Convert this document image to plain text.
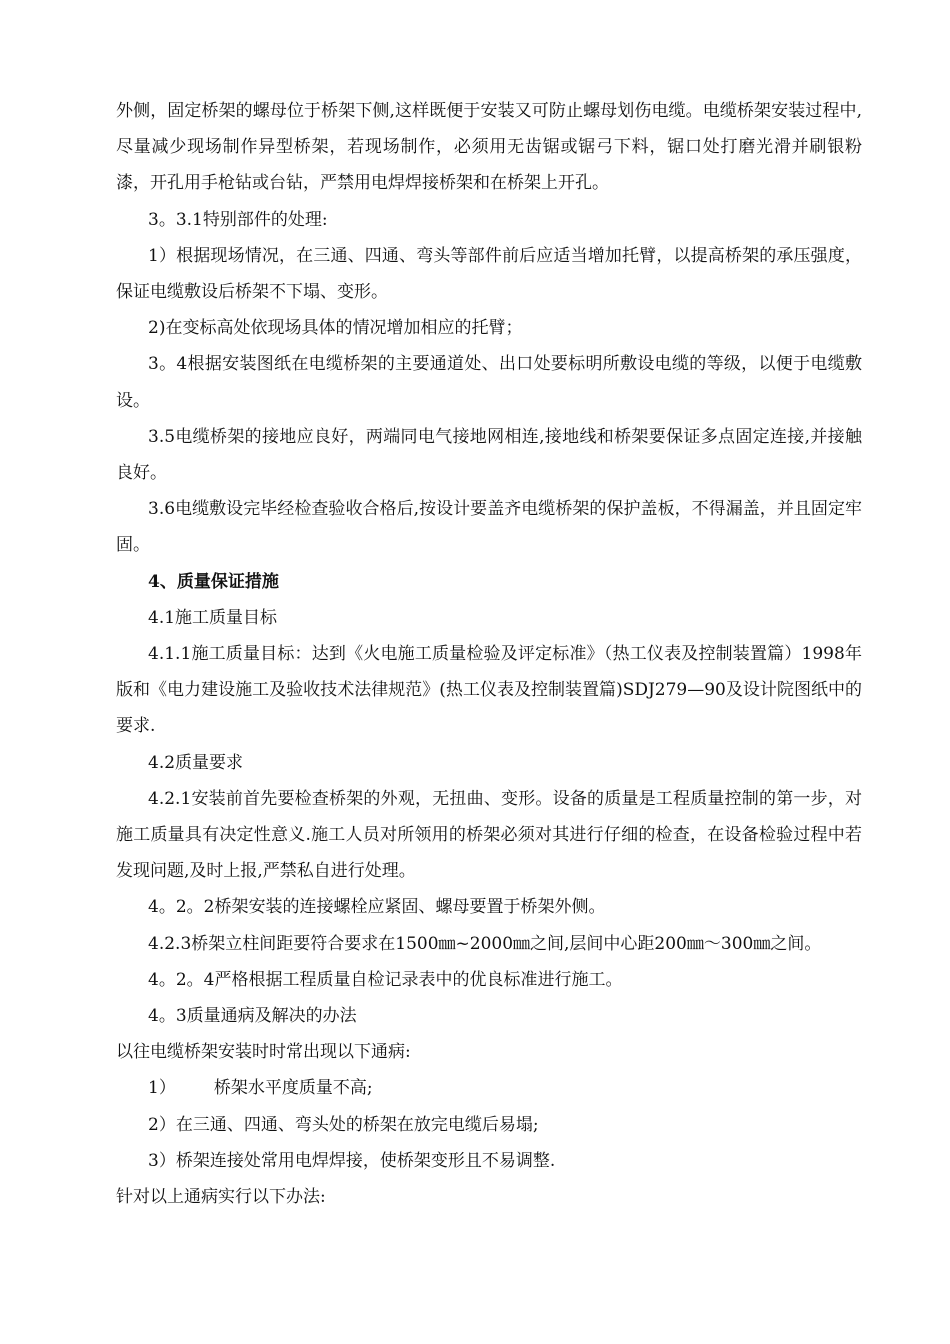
外侧，固定桥架的螺母位于桥架下侧,这样既便于安装又可防止螺母划伤电缆。电缆桥架安装过程中,尽量减少现场制作异型桥架，若现场制作，必须用无齿锯或锯弓下料，锯口处打磨光滑并刷银粉漆，开孔用手枪钻或台钻，严禁用电焊焊接桥架和在桥架上开孔。

3。3.1特别部件的处理:

1）根据现场情况，在三通、四通、弯头等部件前后应适当增加托臂，以提高桥架的承压强度，保证电缆敷设后桥架不下塌、变形。

2)在变标高处依现场具体的情况增加相应的托臂；

3。4根据安装图纸在电缆桥架的主要通道处、出口处要标明所敷设电缆的等级，以便于电缆敷设。

3.5电缆桥架的接地应良好，两端同电气接地网相连,接地线和桥架要保证多点固定连接,并接触良好。

3.6电缆敷设完毕经检查验收合格后,按设计要盖齐电缆桥架的保护盖板，不得漏盖，并且固定牢固。

4、质量保证措施

4.1施工质量目标

4.1.1施工质量目标：达到《火电施工质量检验及评定标准》（热工仪表及控制装置篇）1998年版和《电力建设施工及验收技术法律规范》(热工仪表及控制装置篇)SDJ279—90及设计院图纸中的要求.

4.2质量要求

4.2.1安装前首先要检查桥架的外观，无扭曲、变形。设备的质量是工程质量控制的第一步，对施工质量具有决定性意义.施工人员对所领用的桥架必须对其进行仔细的检查，在设备检验过程中若发现问题,及时上报,严禁私自进行处理。

4。2。2桥架安装的连接螺栓应紧固、螺母要置于桥架外侧。

4.2.3桥架立柱间距要符合要求在1500㎜~2000㎜之间,层间中心距200㎜～300㎜之间。

4。2。4严格根据工程质量自检记录表中的优良标准进行施工。

4。3质量通病及解决的办法

以往电缆桥架安装时时常出现以下通病:

1） 桥架水平度质量不高;

2）在三通、四通、弯头处的桥架在放完电缆后易塌;

3）桥架连接处常用电焊焊接，使桥架变形且不易调整.

针对以上通病实行以下办法:
